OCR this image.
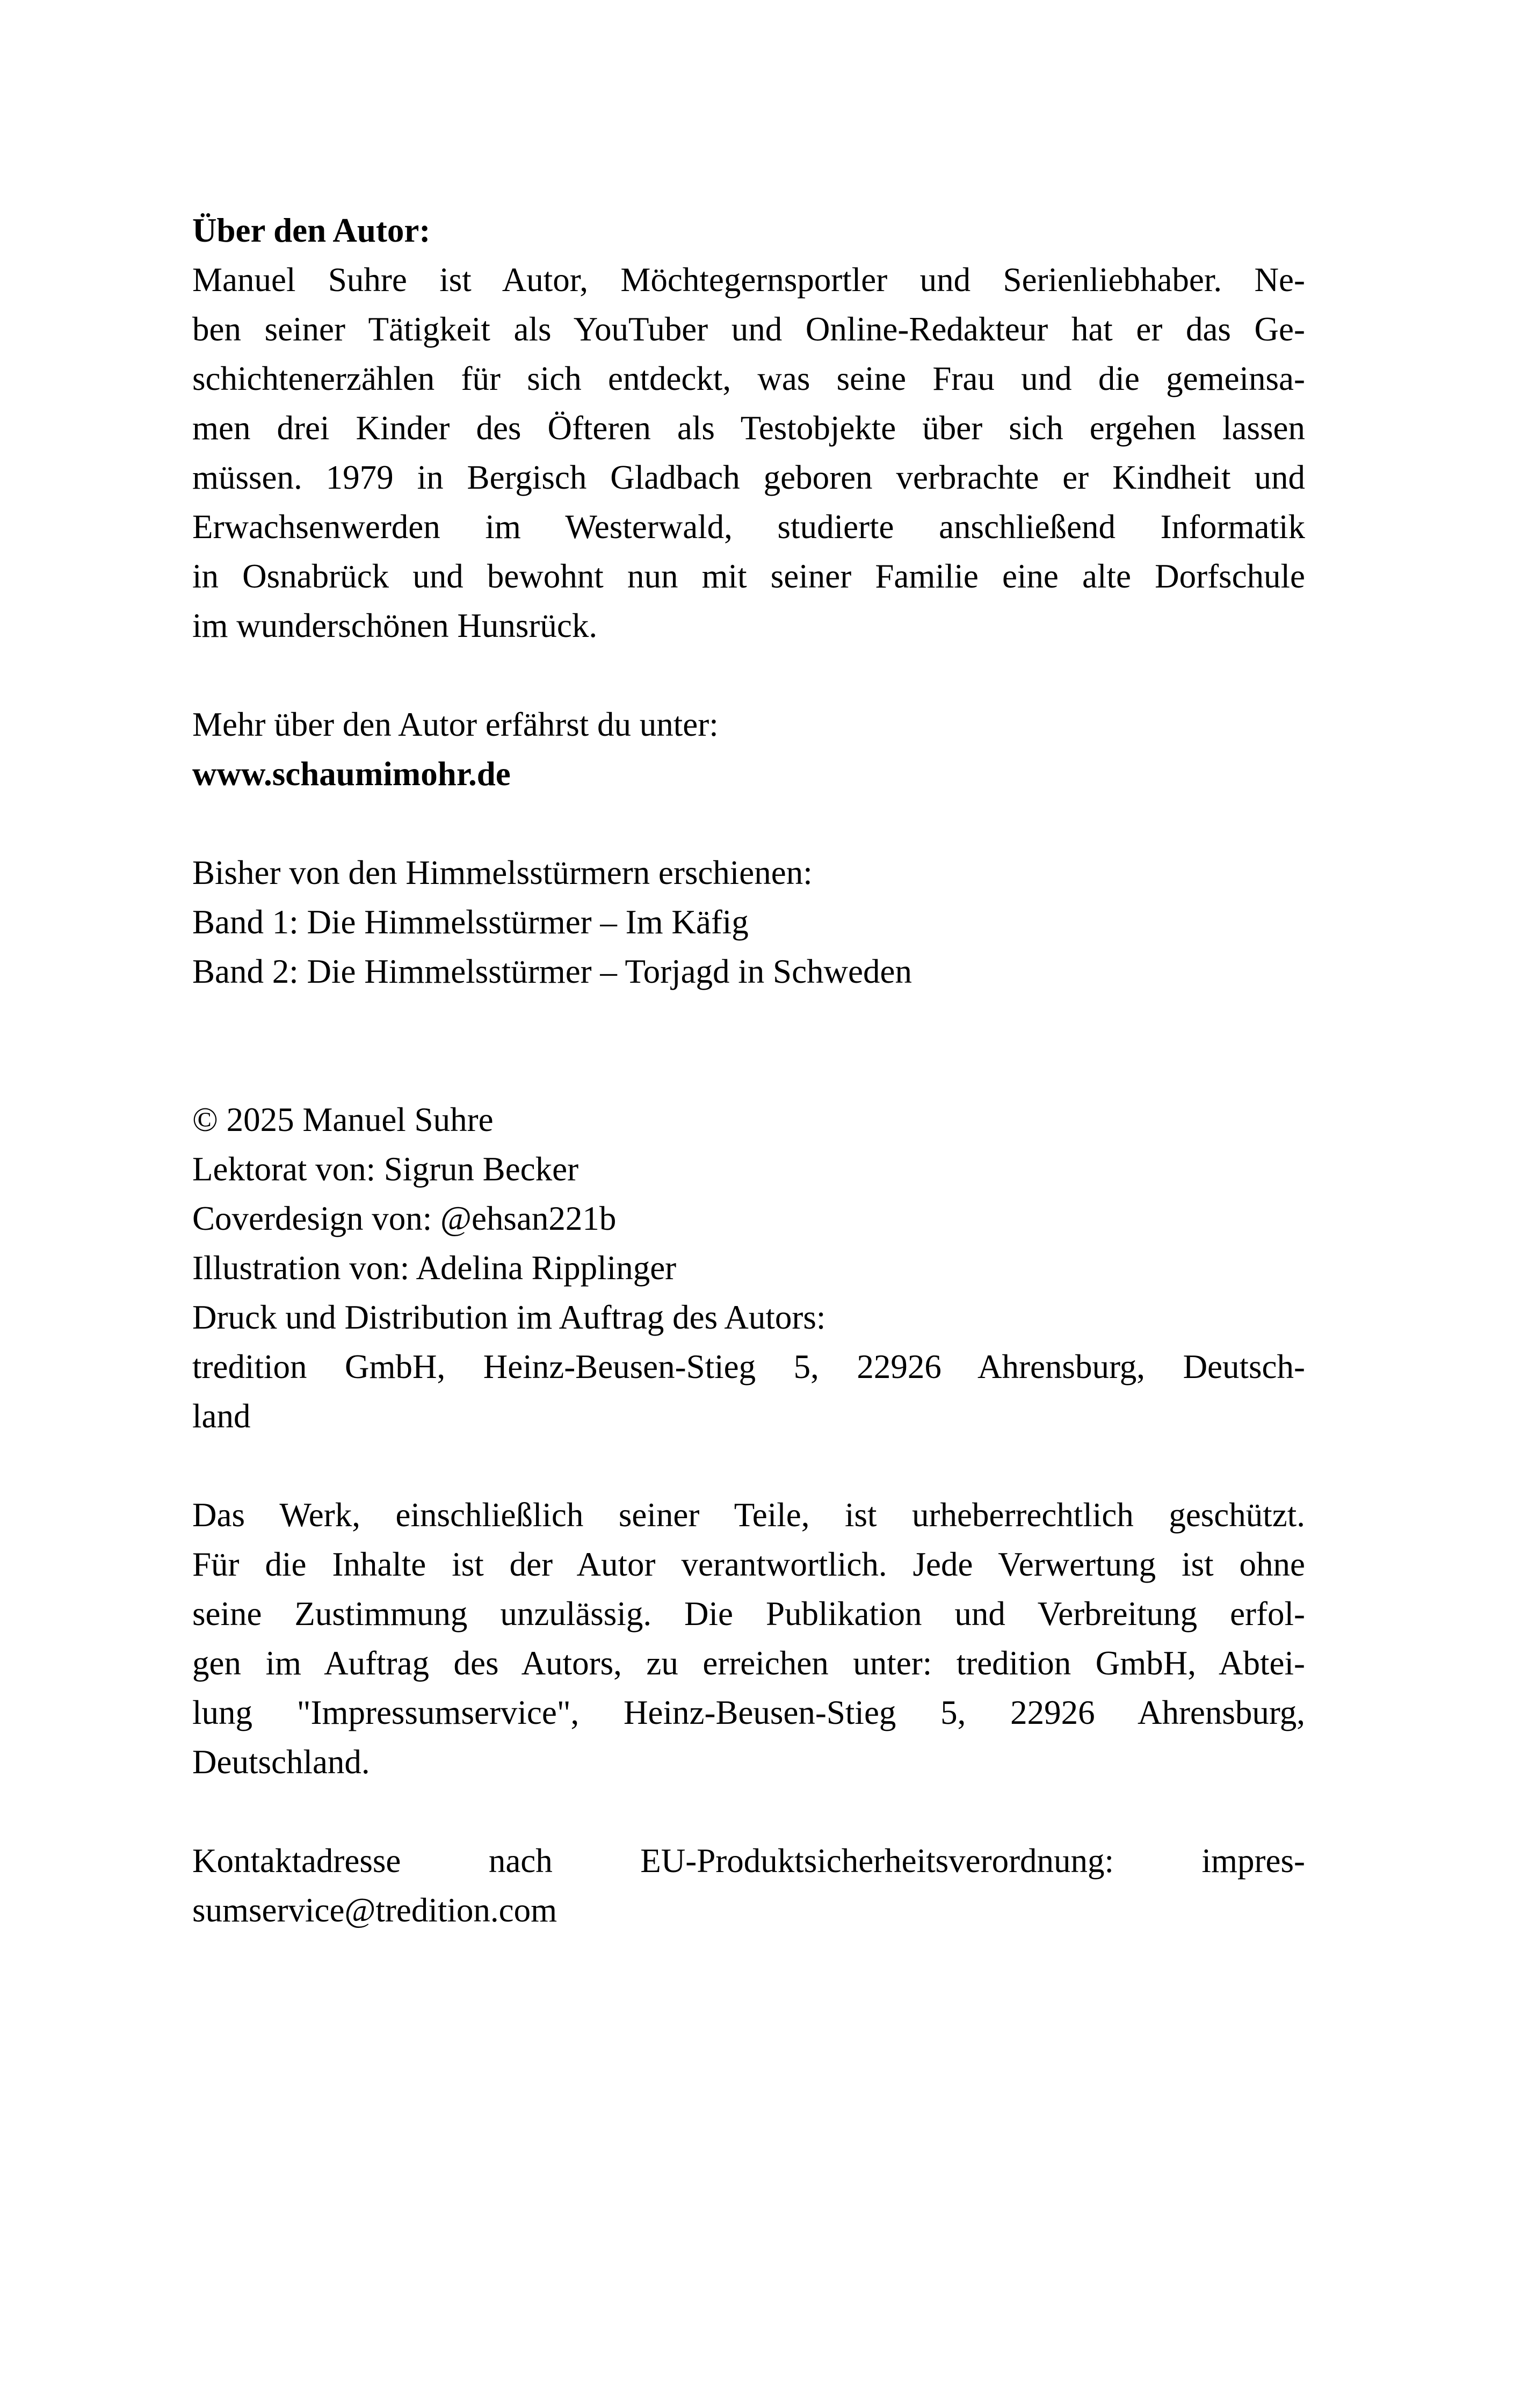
Über den Autor:
Manuel Suhre ist Autor, Möchtegernsportler und Serienliebhaber. Ne-
ben seiner Tätigkeit als YouTuber und Online-Redakteur hat er das Ge-
schichtenerzählen für sich entdeckt, was seine Frau und die gemeinsa-
men drei Kinder des Öfteren als Testobjekte über sich ergehen lassen
müssen. 1979 in Bergisch Gladbach geboren verbrachte er Kindheit und
Erwachsenwerden im Westerwald, studierte anschließend Informatik
in Osnabrück und bewohnt nun mit seiner Familie eine alte Dorfschule
im wunderschönen Hunsrück.
Mehr über den Autor erfährst du unter:
www.schaumimohr.de
Bisher von den Himmelsstürmern erschienen:
Band 1: Die Himmelsstürmer – Im Käfig
Band 2: Die Himmelsstürmer – Torjagd in Schweden
© 2025 Manuel Suhre
Lektorat von: Sigrun Becker
Coverdesign von: @ehsan221b
Illustration von: Adelina Ripplinger
Druck und Distribution im Auftrag des Autors:
tredition GmbH, Heinz-Beusen-Stieg 5, 22926 Ahrensburg, Deutsch-
land
Das Werk, einschließlich seiner Teile, ist urheberrechtlich geschützt.
Für die Inhalte ist der Autor verantwortlich. Jede Verwertung ist ohne
seine Zustimmung unzulässig. Die Publikation und Verbreitung erfol-
gen im Auftrag des Autors, zu erreichen unter: tredition GmbH, Abtei-
lung "Impressumservice", Heinz-Beusen-Stieg 5, 22926 Ahrensburg,
Deutschland.
Kontaktadresse nach EU-Produktsicherheitsverordnung: impres-
sumservice@tredition.com
